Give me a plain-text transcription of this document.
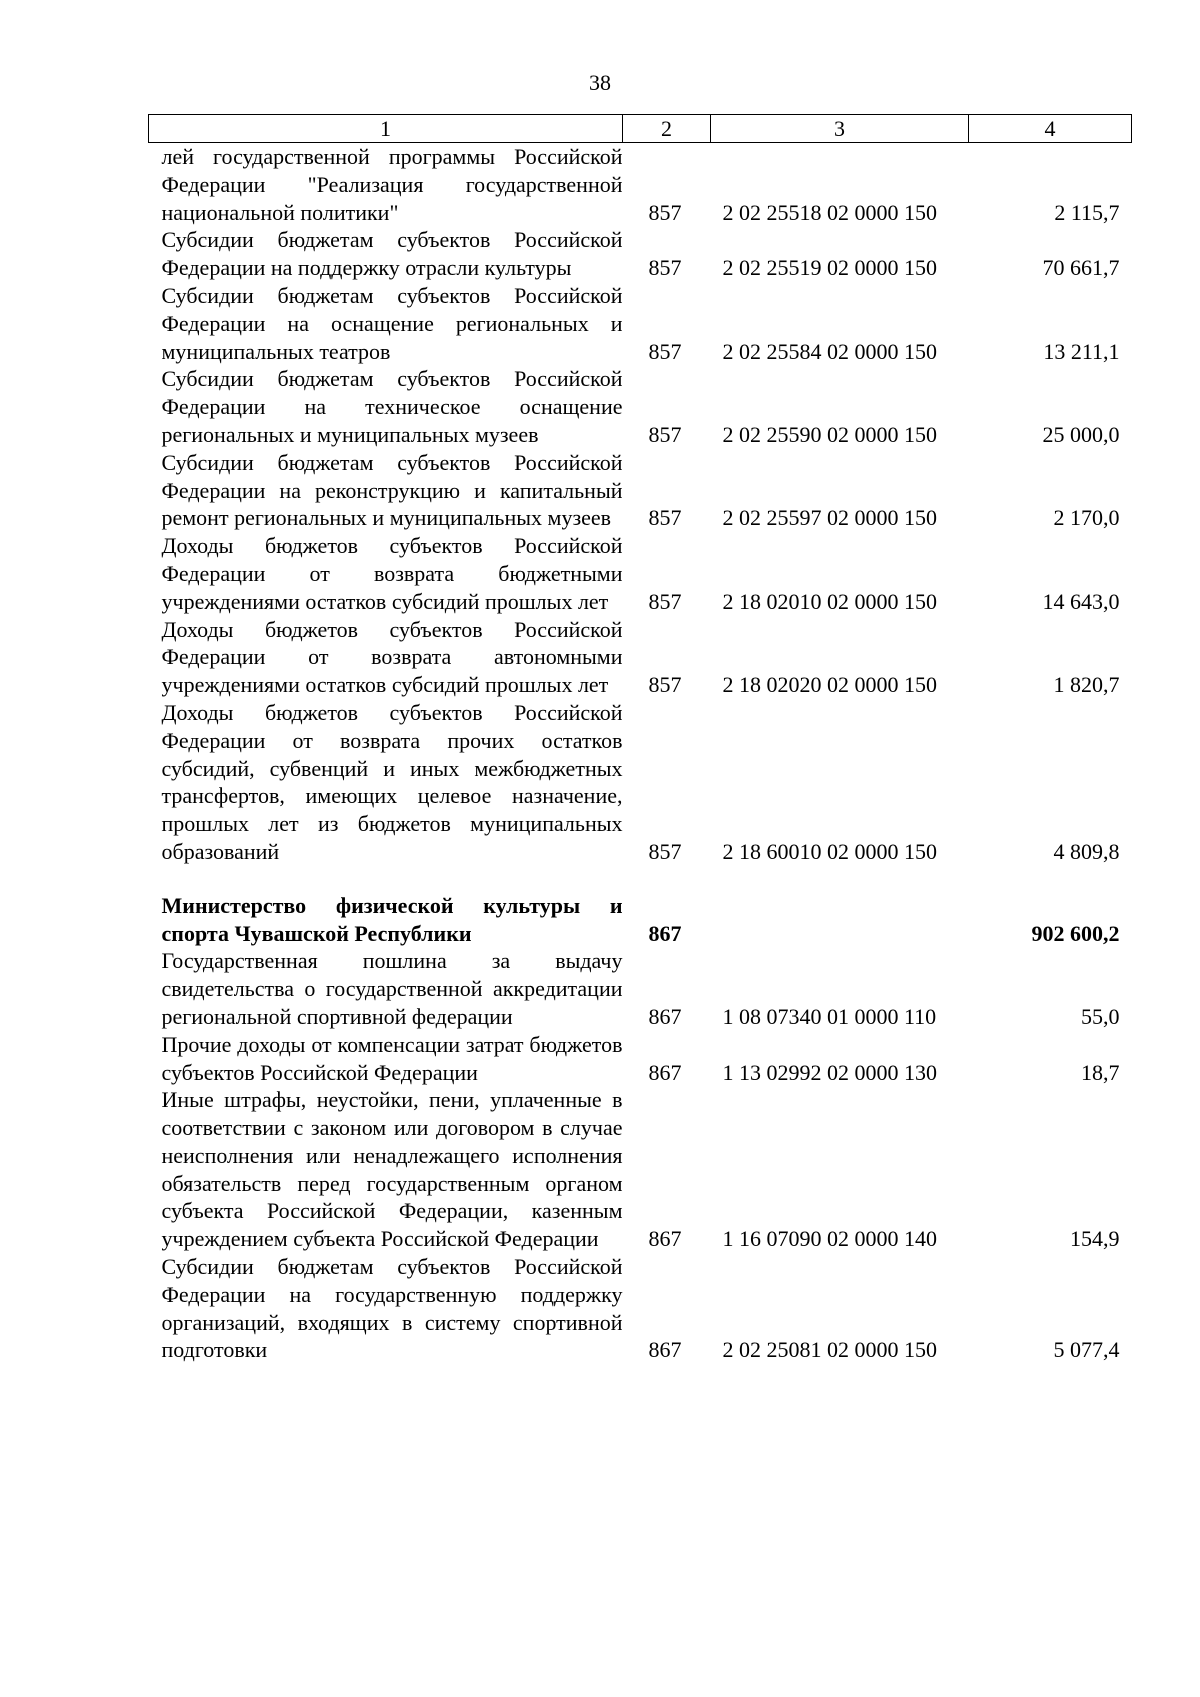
38
1	2	3	4
лей государственной программы Российской Федерации "Реализация государственной национальной политики"	857	2 02 25518 02 0000 150	2 115,7
Субсидии бюджетам субъектов Российской Федерации на поддержку отрасли культуры	857	2 02 25519 02 0000 150	70 661,7
Субсидии бюджетам субъектов Российской Федерации на оснащение региональных и муниципальных театров	857	2 02 25584 02 0000 150	13 211,1
Субсидии бюджетам субъектов Российской Федерации на техническое оснащение региональных и муниципальных музеев	857	2 02 25590 02 0000 150	25 000,0
Субсидии бюджетам субъектов Российской Федерации на реконструкцию и капитальный ремонт региональных и муниципальных музеев	857	2 02 25597 02 0000 150	2 170,0
Доходы бюджетов субъектов Российской Федерации от возврата бюджетными учреждениями остатков субсидий прошлых лет	857	2 18 02010 02 0000 150	14 643,0
Доходы бюджетов субъектов Российской Федерации от возврата автономными учреждениями остатков субсидий прошлых лет	857	2 18 02020 02 0000 150	1 820,7
Доходы бюджетов субъектов Российской Федерации от возврата прочих остатков субсидий, субвенций и иных межбюджетных трансфертов, имеющих целевое назначение, прошлых лет из бюджетов муниципальных образований	857	2 18 60010 02 0000 150	4 809,8

Министерство физической культуры и спорта Чувашской Республики	867		902 600,2
Государственная пошлина за выдачу свидетельства о государственной аккредитации региональной спортивной федерации	867	1 08 07340 01 0000 110	55,0
Прочие доходы от компенсации затрат бюджетов субъектов Российской Федерации	867	1 13 02992 02 0000 130	18,7
Иные штрафы, неустойки, пени, уплаченные в соответствии с законом или договором в случае неисполнения или ненадлежащего исполнения обязательств перед государственным органом субъекта Российской Федерации, казенным учреждением субъекта Российской Федерации	867	1 16 07090 02 0000 140	154,9
Субсидии бюджетам субъектов Российской Федерации на государственную поддержку организаций, входящих в систему спортивной подготовки	867	2 02 25081 02 0000 150	5 077,4
